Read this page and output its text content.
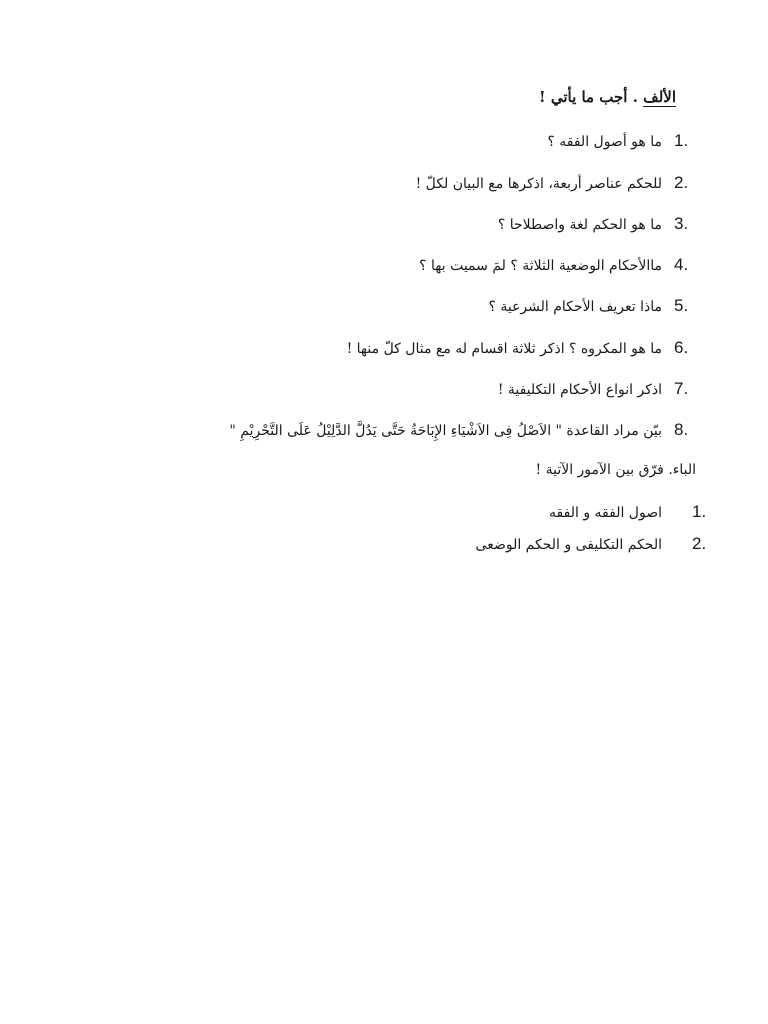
الألف . أجب ما يأتي !
1.
ما هو أصول الفقه ؟
2.
للحكم عناصر أربعة، اذكرها مع البيان لكلّ !
3.
ما هو الحكم لغة واصطلاحا ؟
4.
ماالأحكام الوضعية الثلاثة ؟ لمَ سميت بها ؟
5.
ماذا تعريف الأحكام الشرعية ؟
6.
ما هو المكروه ؟ اذكر ثلاثة اقسام له مع مثال كلّ منها !
7.
اذكر انواع الأحكام التكليفية !
8.
بيّن مراد القاعدة " الاَصْلُ فِى الاَشْيَاءِ الإِبَاحَةُ حَتَّى يَدُلَّ الدَّلِيْلُ عَلَى التَّحْرِيْمِ "
الباء. فرّق بين الآمور الآتية !
1.
اصول الفقه و الفقه
2.
الحكم التكليفى و الحكم الوضعى
